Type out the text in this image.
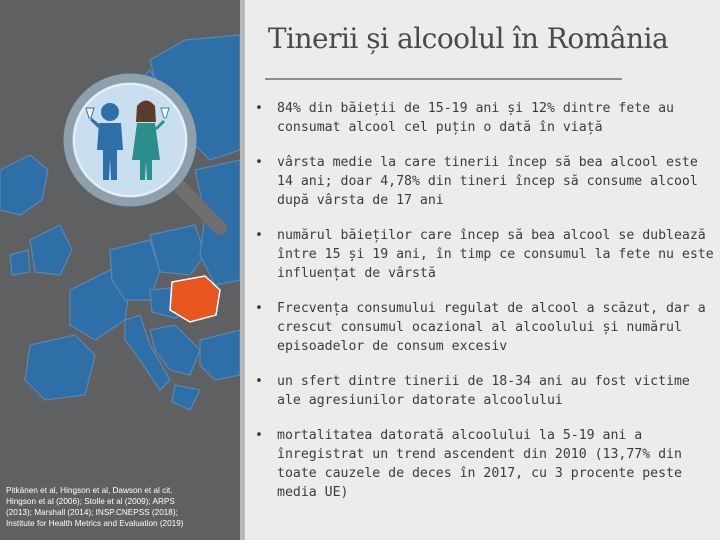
Pitkänen et al, Hingson et al, Dawson et al cit.
Hingson et al (2006); Stolle et al (2009); ARPS
(2013); Marshall (2014); INSP.CNEPSS (2018);
Institute for Health Metrics and Evaluation (2019)
Tinerii și alcoolul în România
• 84% din băieții de 15-19 ani și 12% dintre fete au consumat alcool cel puțin o dată în viață
• vârsta medie la care tinerii încep să bea alcool este 14 ani; doar 4,78% din tineri încep să consume alcool după vârsta de 17 ani
• numărul băieților care încep să bea alcool se dublează între 15 și 19 ani, în timp ce consumul la fete nu este influențat de vârstă
• Frecvența consumului regulat de alcool a scăzut, dar a crescut consumul ocazional al alcoolului și numărul episoadelor de consum excesiv
• un sfert dintre tinerii de 18-34 ani au fost victime ale agresiunilor datorate alcoolului
• mortalitatea datorată alcoolului la 5-19 ani a înregistrat un trend ascendent din 2010 (13,77% din toate cauzele de deces în 2017, cu 3 procente peste media UE)
